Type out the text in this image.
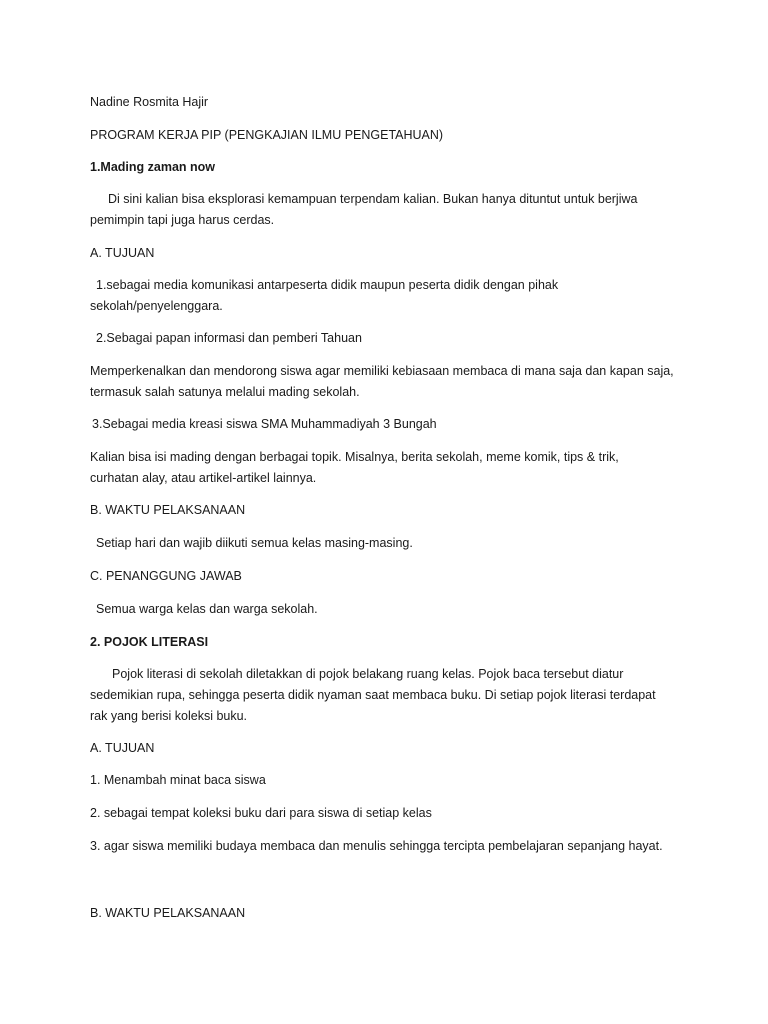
Nadine Rosmita Hajir

PROGRAM KERJA PIP (PENGKAJIAN ILMU PENGETAHUAN)

1.Mading zaman now

Di sini kalian bisa eksplorasi kemampuan terpendam kalian. Bukan hanya dituntut untuk berjiwa
pemimpin tapi juga harus cerdas.

A. TUJUAN

1.sebagai media komunikasi antarpeserta didik maupun peserta didik dengan pihak
sekolah/penyelenggara.

2.Sebagai papan informasi dan pemberi Tahuan

Memperkenalkan dan mendorong siswa agar memiliki kebiasaan membaca di mana saja dan kapan saja,
termasuk salah satunya melalui mading sekolah.

3.Sebagai media kreasi siswa SMA Muhammadiyah 3 Bungah

Kalian bisa isi mading dengan berbagai topik. Misalnya, berita sekolah, meme komik, tips & trik,
curhatan alay, atau artikel-artikel lainnya.

B. WAKTU PELAKSANAAN

Setiap hari dan wajib diikuti semua kelas masing-masing.

C. PENANGGUNG JAWAB

Semua warga kelas dan warga sekolah.

2. POJOK LITERASI

Pojok literasi di sekolah diletakkan di pojok belakang ruang kelas. Pojok baca tersebut diatur
sedemikian rupa, sehingga peserta didik nyaman saat membaca buku. Di setiap pojok literasi terdapat
rak yang berisi koleksi buku.

A. TUJUAN

1. Menambah minat baca siswa

2. sebagai tempat koleksi buku dari para siswa di setiap kelas

3. agar siswa memiliki budaya membaca dan menulis sehingga tercipta pembelajaran sepanjang hayat.

B. WAKTU PELAKSANAAN
